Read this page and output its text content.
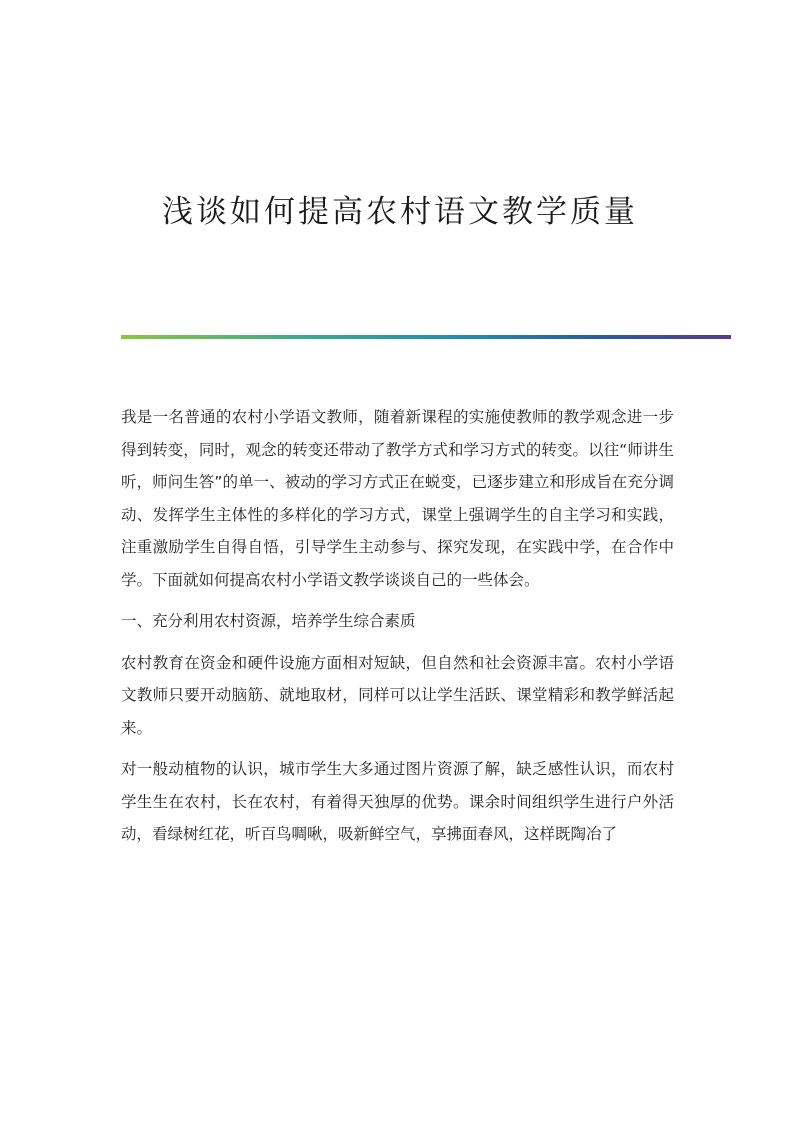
浅谈如何提高农村语文教学质量

我是一名普通的农村小学语文教师，随着新课程的实施使教师的教学观念进一步得到转变，同时，观念的转变还带动了教学方式和学习方式的转变。以往“师讲生听，师问生答”的单一、被动的学习方式正在蜕变，已逐步建立和形成旨在充分调动、发挥学生主体性的多样化的学习方式，课堂上强调学生的自主学习和实践，注重激励学生自得自悟，引导学生主动参与、探究发现，在实践中学，在合作中学。下面就如何提高农村小学语文教学谈谈自己的一些体会。

一、充分利用农村资源，培养学生综合素质

农村教育在资金和硬件设施方面相对短缺，但自然和社会资源丰富。农村小学语文教师只要开动脑筋、就地取材，同样可以让学生活跃、课堂精彩和教学鲜活起来。

对一般动植物的认识，城市学生大多通过图片资源了解，缺乏感性认识，而农村学生生在农村，长在农村，有着得天独厚的优势。课余时间组织学生进行户外活动，看绿树红花，听百鸟啁啾，吸新鲜空气，享拂面春风，这样既陶冶了
